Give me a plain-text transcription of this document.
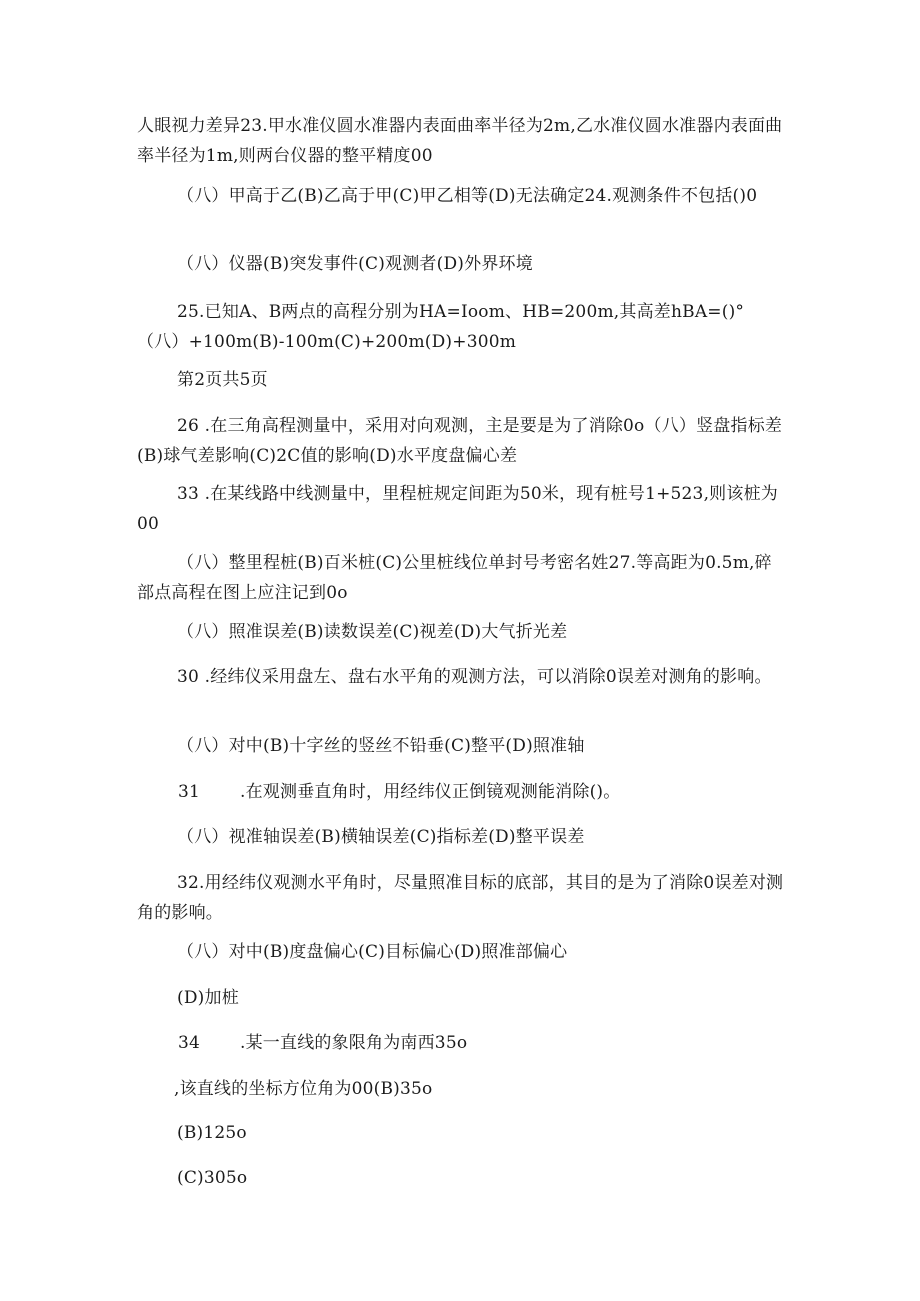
人眼视力差异23.甲水准仪圆水准器内表面曲率半径为2m,乙水准仪圆水准器内表面曲率半径为1m,则两台仪器的整平精度00

（八）甲高于乙(B)乙高于甲(C)甲乙相等(D)无法确定24.观测条件不包括()0

（八）仪器(B)突发事件(C)观测者(D)外界环境

25.已知A、B两点的高程分别为HA=Ioom、HB=200m,其高差hBA=()°（八）+100m(B)-100m(C)+200m(D)+300m

第2页共5页

26 .在三角高程测量中，采用对向观测，主是要是为了消除0o（八）竖盘指标差(B)球气差影响(C)2C值的影响(D)水平度盘偏心差

33 .在某线路中线测量中，里程桩规定间距为50米，现有桩号1+523,则该桩为00

（八）整里程桩(B)百米桩(C)公里桩线位单封号考密名姓27.等高距为0.5m,碎部点高程在图上应注记到0o

（八）照准误差(B)读数误差(C)视差(D)大气折光差

30 .经纬仪采用盘左、盘右水平角的观测方法，可以消除0误差对测角的影响。

（八）对中(B)十字丝的竖丝不铅垂(C)整平(D)照准轴

31 .在观测垂直角时，用经纬仪正倒镜观测能消除()。

（八）视准轴误差(B)横轴误差(C)指标差(D)整平误差

32.用经纬仪观测水平角时，尽量照准目标的底部，其目的是为了消除0误差对测角的影响。

（八）对中(B)度盘偏心(C)目标偏心(D)照准部偏心

(D)加桩

34 .某一直线的象限角为南西35o

,该直线的坐标方位角为00(B)35o

(B)125o

(C)305o
